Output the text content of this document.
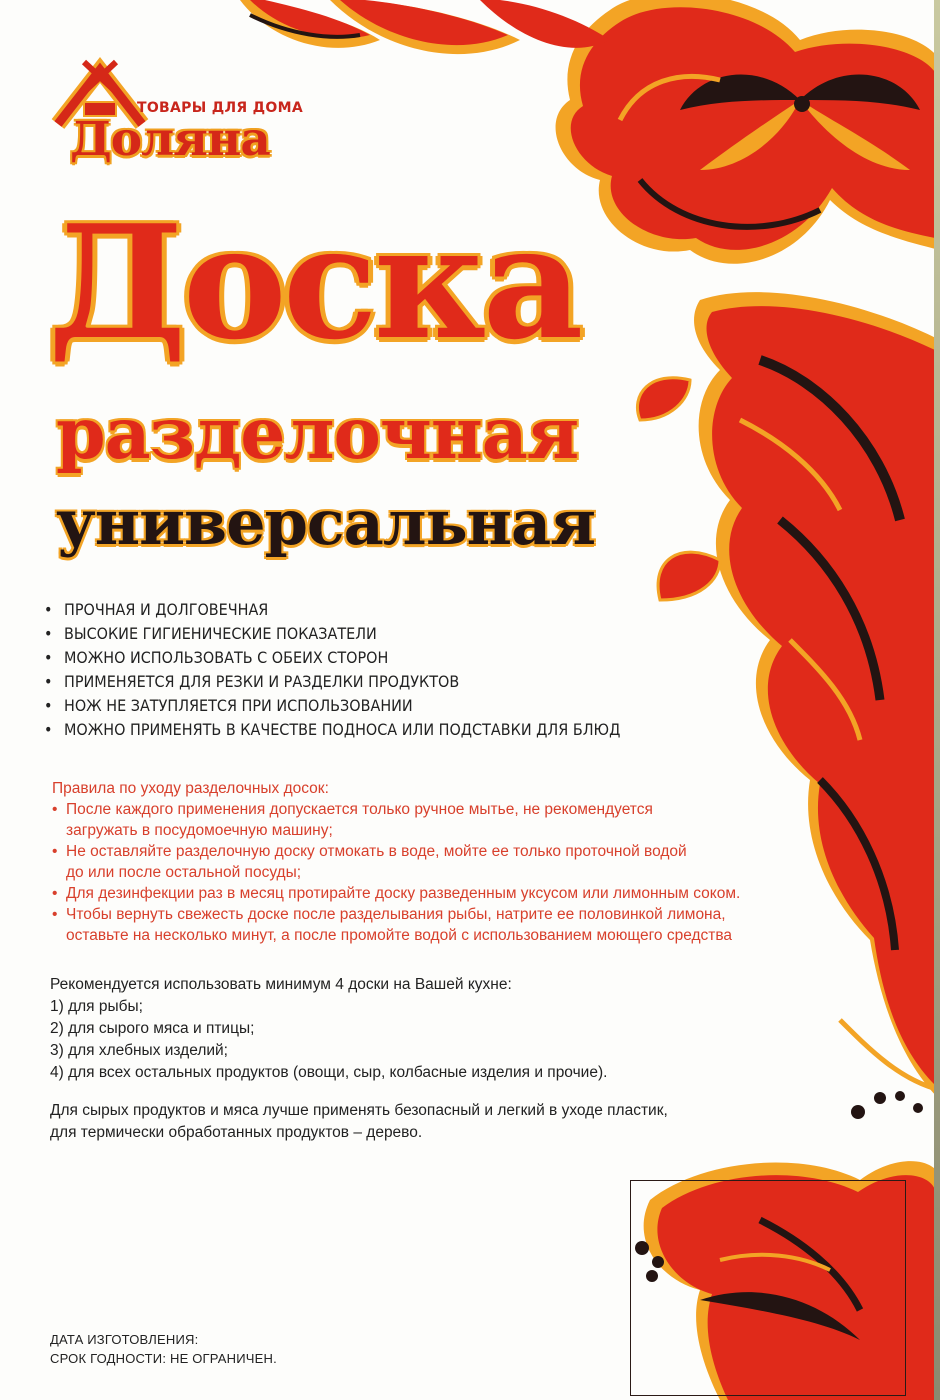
ТОВАРЫ ДЛЯ ДОМА
Доляна
Доска
разделочная
универсальная
• ПРОЧНАЯ И ДОЛГОВЕЧНАЯ
• ВЫСОКИЕ ГИГИЕНИЧЕСКИЕ ПОКАЗАТЕЛИ
• МОЖНО ИСПОЛЬЗОВАТЬ С ОБЕИХ СТОРОН
• ПРИМЕНЯЕТСЯ ДЛЯ РЕЗКИ И РАЗДЕЛКИ ПРОДУКТОВ
• НОЖ НЕ ЗАТУПЛЯЕТСЯ ПРИ ИСПОЛЬЗОВАНИИ
• МОЖНО ПРИМЕНЯТЬ В КАЧЕСТВЕ ПОДНОСА ИЛИ ПОДСТАВКИ ДЛЯ БЛЮД
Правила по уходу разделочных досок:
• После каждого применения допускается только ручное мытье, не рекомендуется
загружать в посудомоечную машину;
• Не оставляйте разделочную доску отмокать в воде, мойте ее только проточной водой
до или после остальной посуды;
• Для дезинфекции раз в месяц протирайте доску разведенным уксусом или лимонным соком.
• Чтобы вернуть свежесть доске после разделывания рыбы, натрите ее половинкой лимона,
оставьте на несколько минут, а после промойте водой с использованием моющего средства
Рекомендуется использовать минимум 4 доски на Вашей кухне:
1) для рыбы;
2) для сырого мяса и птицы;
3) для хлебных изделий;
4) для всех остальных продуктов (овощи, сыр, колбасные изделия и прочие).
Для сырых продуктов и мяса лучше применять безопасный и легкий в уходе пластик,
для термически обработанных продуктов – дерево.
ДАТА ИЗГОТОВЛЕНИЯ:
СРОК ГОДНОСТИ: НЕ ОГРАНИЧЕН.
